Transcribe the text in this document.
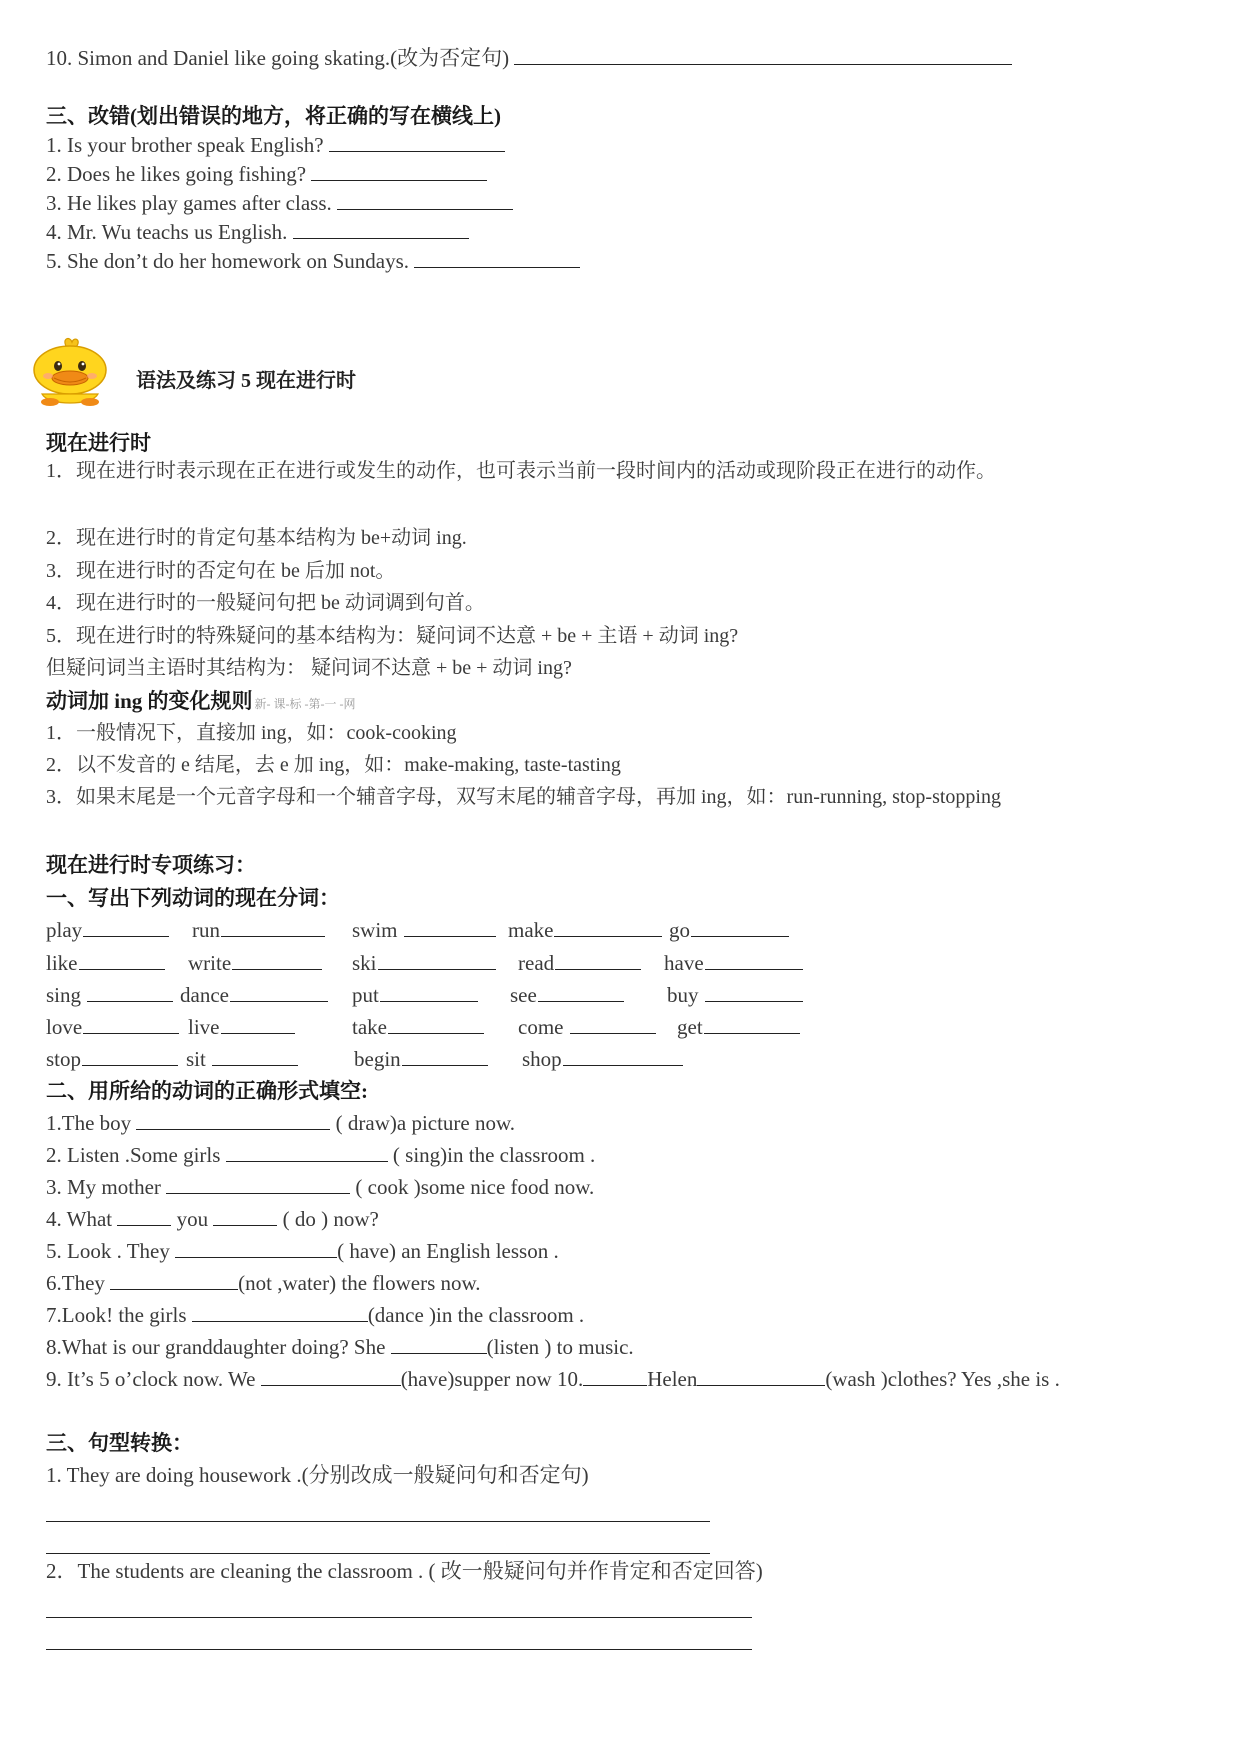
10. Simon and Daniel like going skating.(改为否定句)
三、改错(划出错误的地方，将正确的写在横线上)
1. Is your brother speak English?
2. Does he likes going fishing?
3. He likes play games after class.
4. Mr. Wu teachs us English.
5. She don’t do her homework on Sundays.
语法及练习 5 现在进行时
现在进行时
1．现在进行时表示现在正在进行或发生的动作，也可表示当前一段时间内的活动或现阶段正在进行的动作。
2．现在进行时的肯定句基本结构为 be+动词 ing.
3．现在进行时的否定句在 be 后加 not。
4．现在进行时的一般疑问句把 be 动词调到句首。
5．现在进行时的特殊疑问的基本结构为：疑问词不达意 + be + 主语 + 动词 ing?
但疑问词当主语时其结构为： 疑问词不达意 + be + 动词 ing?
动词加 ing 的变化规则 新- 课-标 -第-一 -网
1．一般情况下，直接加 ing，如：cook-cooking
2．以不发音的 e 结尾，去 e 加 ing，如：make-making, taste-tasting
3．如果末尾是一个元音字母和一个辅音字母，双写末尾的辅音字母，再加 ing，如：run-running, stop-stopping
现在进行时专项练习：
一、写出下列动词的现在分词：
play	run	swim	make	go
like	write	ski	read	have
sing	dance	put	see	buy
love	live	take	come	get
stop	sit	begin	shop
二、用所给的动词的正确形式填空:
1.The boy	( draw)a picture now.
2. Listen .Some girls	( sing)in the classroom .
3. My mother	( cook )some nice food now.
4. What	you	( do ) now?
5. Look . They	( have) an English lesson .
6.They	(not ,water) the flowers now.
7.Look! the girls	(dance )in the classroom .
8.What is our granddaughter doing? She	(listen ) to music.
9. It’s 5 o’clock now. We	(have)supper now 10.	Helen	(wash )clothes? Yes ,she is .
三、句型转换：
1. They are doing housework .(分别改成一般疑问句和否定句)
2．The students are cleaning the classroom . ( 改一般疑问句并作肯定和否定回答)
